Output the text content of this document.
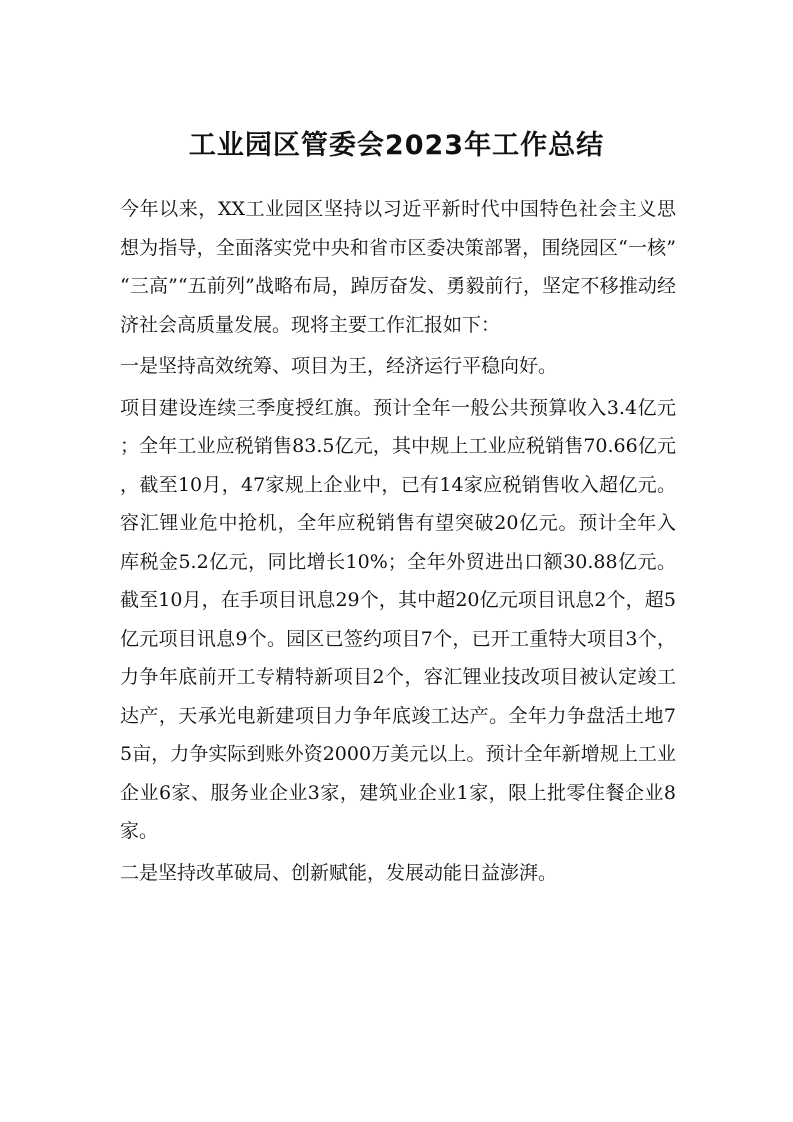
工业园区管委会2023年工作总结

今年以来，XX工业园区坚持以习近平新时代中国特色社会主义思想为指导，全面落实党中央和省市区委决策部署，围绕园区“一核”“三高”“五前列”战略布局，踔厉奋发、勇毅前行，坚定不移推动经济社会高质量发展。现将主要工作汇报如下：

一是坚持高效统筹、项目为王，经济运行平稳向好。

项目建设连续三季度授红旗。预计全年一般公共预算收入3.4亿元；全年工业应税销售83.5亿元，其中规上工业应税销售70.66亿元，截至10月，47家规上企业中，已有14家应税销售收入超亿元。容汇锂业危中抢机，全年应税销售有望突破20亿元。预计全年入库税金5.2亿元，同比增长10%；全年外贸进出口额30.88亿元。截至10月，在手项目讯息29个，其中超20亿元项目讯息2个，超5亿元项目讯息9个。园区已签约项目7个，已开工重特大项目3个，力争年底前开工专精特新项目2个，容汇锂业技改项目被认定竣工达产，天承光电新建项目力争年底竣工达产。全年力争盘活土地75亩，力争实际到账外资2000万美元以上。预计全年新增规上工业企业6家、服务业企业3家，建筑业企业1家，限上批零住餐企业8家。

二是坚持改革破局、创新赋能，发展动能日益澎湃。
